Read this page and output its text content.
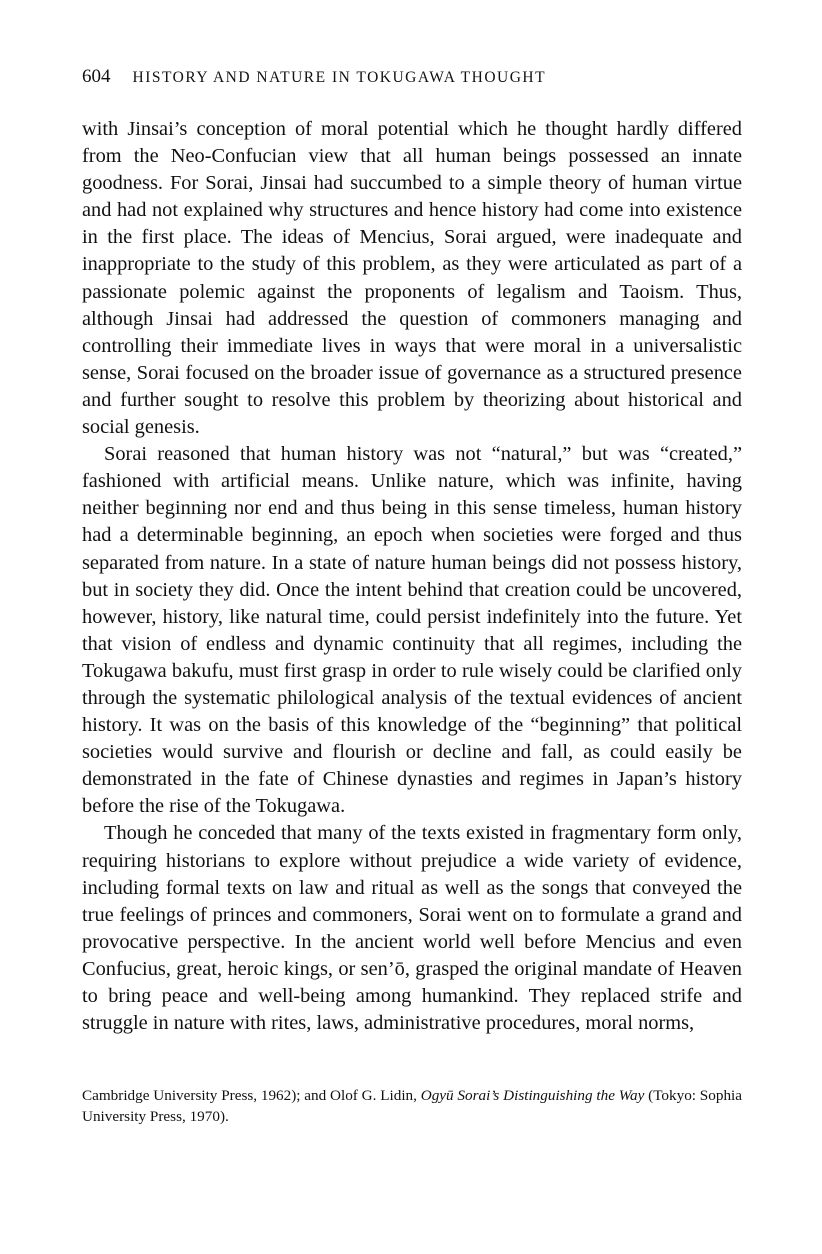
604 HISTORY AND NATURE IN TOKUGAWA THOUGHT

with Jinsai’s conception of moral potential which he thought hardly differed from the Neo-Confucian view that all human beings possessed an innate goodness. For Sorai, Jinsai had succumbed to a simple theory of human virtue and had not explained why structures and hence history had come into existence in the first place. The ideas of Mencius, Sorai argued, were inadequate and inappropriate to the study of this problem, as they were articulated as part of a passionate polemic against the proponents of legalism and Taoism. Thus, although Jinsai had addressed the question of commoners managing and controlling their immediate lives in ways that were moral in a universalistic sense, Sorai focused on the broader issue of governance as a structured presence and further sought to resolve this problem by theorizing about historical and social genesis.

Sorai reasoned that human history was not “natural,” but was “created,” fashioned with artificial means. Unlike nature, which was infinite, having neither beginning nor end and thus being in this sense timeless, human history had a determinable beginning, an epoch when societies were forged and thus separated from nature. In a state of nature human beings did not possess history, but in society they did. Once the intent behind that creation could be uncovered, however, history, like natural time, could persist indefinitely into the future. Yet that vision of endless and dynamic continuity that all regimes, including the Tokugawa bakufu, must first grasp in order to rule wisely could be clarified only through the systematic philological analysis of the textual evidences of ancient history. It was on the basis of this knowledge of the “beginning” that political societies would survive and flourish or decline and fall, as could easily be demonstrated in the fate of Chinese dynasties and regimes in Japan’s history before the rise of the Tokugawa.

Though he conceded that many of the texts existed in fragmentary form only, requiring historians to explore without prejudice a wide variety of evidence, including formal texts on law and ritual as well as the songs that conveyed the true feelings of princes and commoners, Sorai went on to formulate a grand and provocative perspective. In the ancient world well before Mencius and even Confucius, great, heroic kings, or sen’ō, grasped the original mandate of Heaven to bring peace and well-being among humankind. They replaced strife and struggle in nature with rites, laws, administrative procedures, moral norms,

Cambridge University Press, 1962); and Olof G. Lidin, Ogyū Sorai’s Distinguishing the Way (Tokyo: Sophia University Press, 1970).
